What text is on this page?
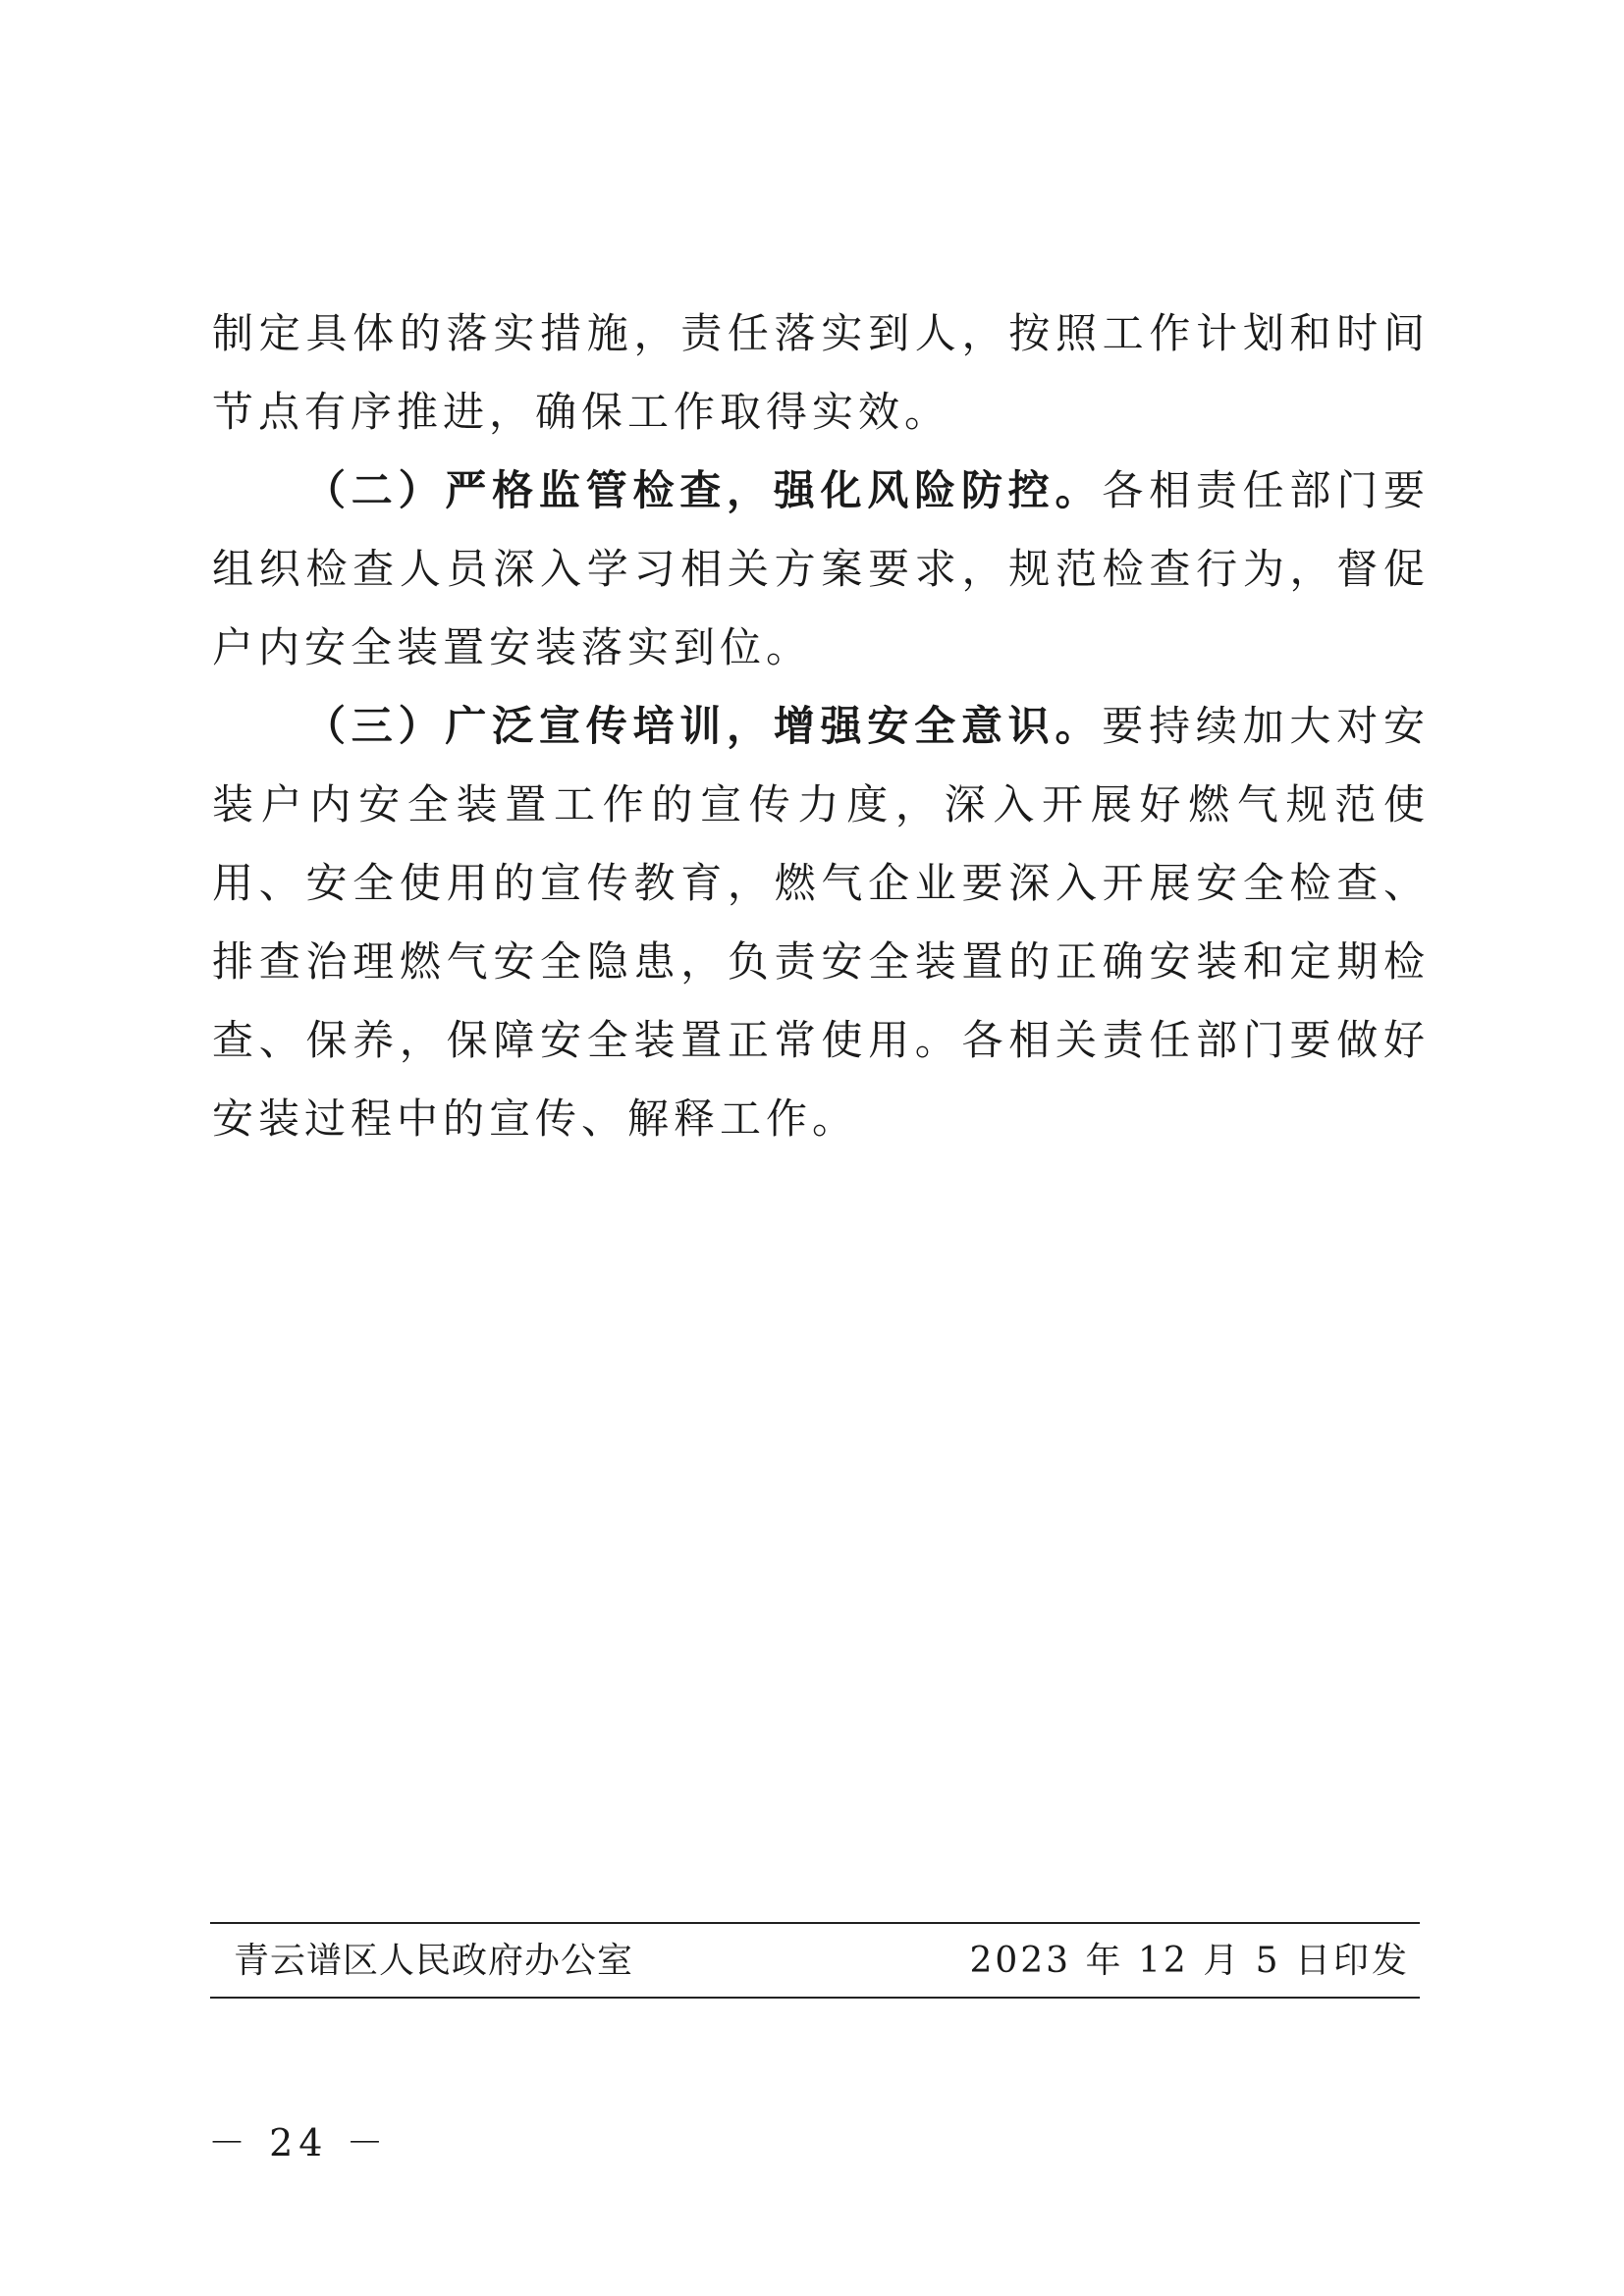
制定具体的落实措施，责任落实到人，按照工作计划和时间节点有序推进，确保工作取得实效。

（二）严格监管检查，强化风险防控。各相责任部门要组织检查人员深入学习相关方案要求，规范检查行为，督促户内安全装置安装落实到位。

（三）广泛宣传培训，增强安全意识。要持续加大对安装户内安全装置工作的宣传力度，深入开展好燃气规范使用、安全使用的宣传教育，燃气企业要深入开展安全检查、排查治理燃气安全隐患，负责安全装置的正确安装和定期检查、保养，保障安全装置正常使用。各相关责任部门要做好安装过程中的宣传、解释工作。

青云谱区人民政府办公室	2023 年 12 月 5 日印发
－ 24 －
